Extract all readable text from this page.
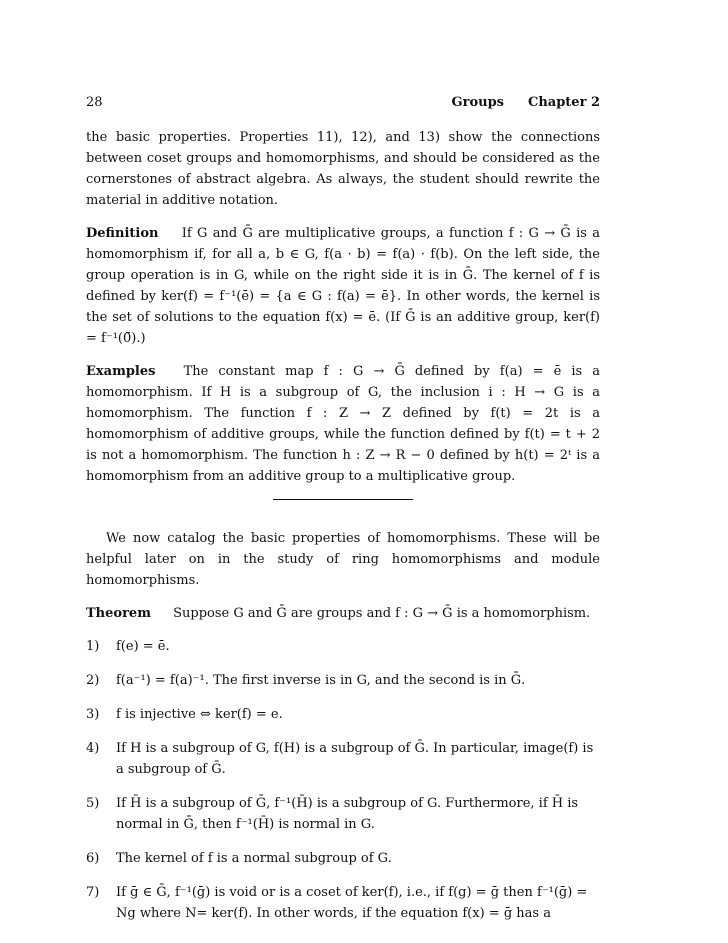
28	Groups Chapter 2

the basic properties. Properties 11), 12), and 13) show the connections between coset groups and homomorphisms, and should be considered as the cornerstones of abstract algebra. As always, the student should rewrite the material in additive notation.

Definition If G and Ḡ are multiplicative groups, a function f : G → Ḡ is a homomorphism if, for all a, b ∈ G, f(a · b) = f(a) · f(b). On the left side, the group operation is in G, while on the right side it is in Ḡ. The kernel of f is defined by ker(f) = f⁻¹(ē) = {a ∈ G : f(a) = ē}. In other words, the kernel is the set of solutions to the equation f(x) = ē. (If Ḡ is an additive group, ker(f) = f⁻¹(0̄).)

Examples The constant map f : G → Ḡ defined by f(a) = ē is a homomorphism. If H is a subgroup of G, the inclusion i : H → G is a homomorphism. The function f : Z → Z defined by f(t) = 2t is a homomorphism of additive groups, while the function defined by f(t) = t + 2 is not a homomorphism. The function h : Z → R − 0 defined by h(t) = 2ᵗ is a homomorphism from an additive group to a multiplicative group.

We now catalog the basic properties of homomorphisms. These will be helpful later on in the study of ring homomorphisms and module homomorphisms.

Theorem Suppose G and Ḡ are groups and f : G → Ḡ is a homomorphism.

1)	f(e) = ē.
2)	f(a⁻¹) = f(a)⁻¹. The first inverse is in G, and the second is in Ḡ.
3)	f is injective ⇔ ker(f) = e.
4)	If H is a subgroup of G, f(H) is a subgroup of Ḡ. In particular, image(f) is a subgroup of Ḡ.
5)	If H̄ is a subgroup of Ḡ, f⁻¹(H̄) is a subgroup of G. Furthermore, if H̄ is normal in Ḡ, then f⁻¹(H̄) is normal in G.
6)	The kernel of f is a normal subgroup of G.
7)	If ḡ ∈ Ḡ, f⁻¹(ḡ) is void or is a coset of ker(f), i.e., if f(g) = ḡ then f⁻¹(ḡ) = Ng where N= ker(f). In other words, if the equation f(x) = ḡ has a
